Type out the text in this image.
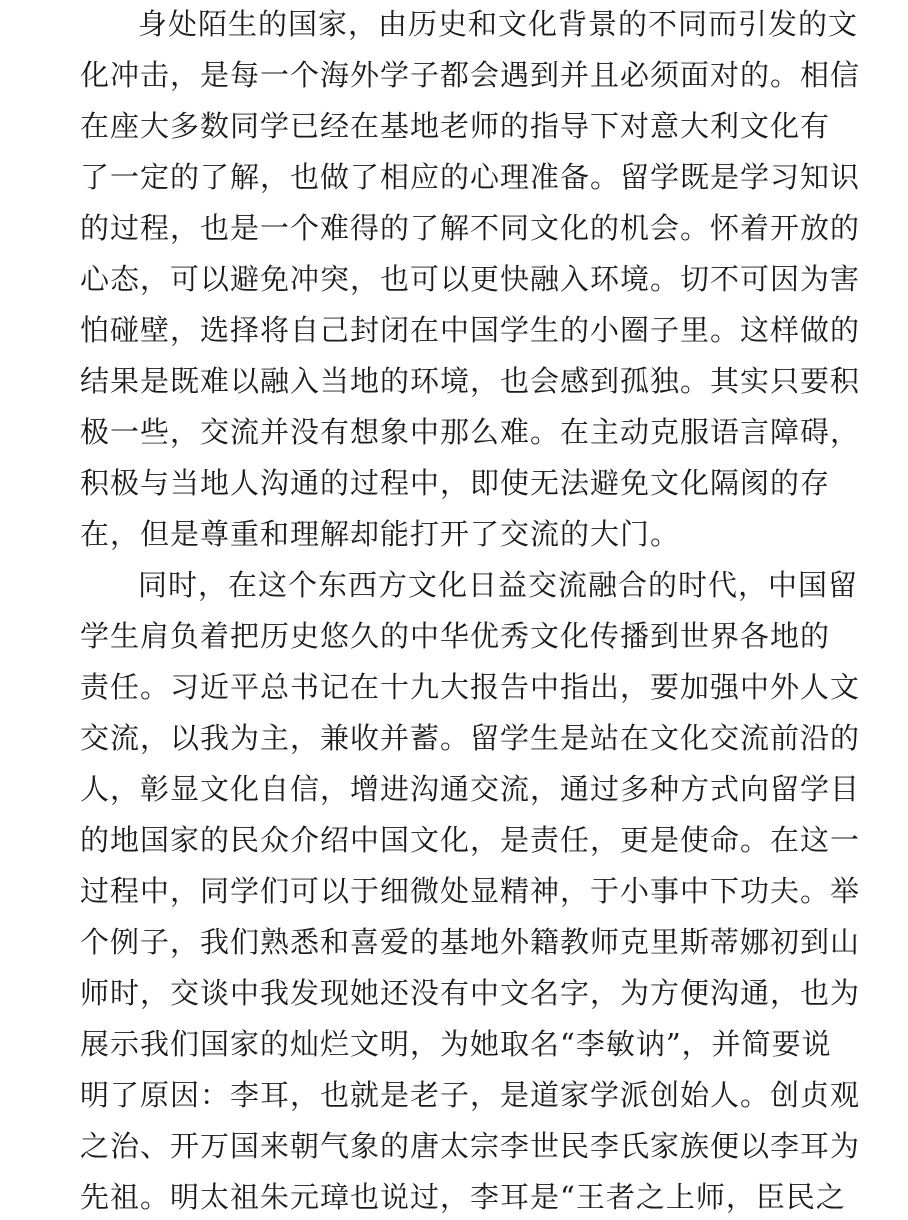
身处陌生的国家，由历史和文化背景的不同而引发的文
化冲击，是每一个海外学子都会遇到并且必须面对的。相信
在座大多数同学已经在基地老师的指导下对意大利文化有
了一定的了解，也做了相应的心理准备。留学既是学习知识
的过程，也是一个难得的了解不同文化的机会。怀着开放的
心态，可以避免冲突，也可以更快融入环境。切不可因为害
怕碰壁，选择将自己封闭在中国学生的小圈子里。这样做的
结果是既难以融入当地的环境，也会感到孤独。其实只要积
极一些，交流并没有想象中那么难。在主动克服语言障碍，
积极与当地人沟通的过程中，即使无法避免文化隔阂的存
在，但是尊重和理解却能打开了交流的大门。
同时，在这个东西方文化日益交流融合的时代，中国留
学生肩负着把历史悠久的中华优秀文化传播到世界各地的
责任。习近平总书记在十九大报告中指出，要加强中外人文
交流，以我为主，兼收并蓄。留学生是站在文化交流前沿的
人，彰显文化自信，增进沟通交流，通过多种方式向留学目
的地国家的民众介绍中国文化，是责任，更是使命。在这一
过程中，同学们可以于细微处显精神，于小事中下功夫。举
个例子，我们熟悉和喜爱的基地外籍教师克里斯蒂娜初到山
师时，交谈中我发现她还没有中文名字，为方便沟通，也为
展示我们国家的灿烂文明，为她取名“李敏讷”，并简要说
明了原因：李耳，也就是老子，是道家学派创始人。创贞观
之治、开万国来朝气象的唐太宗李世民李氏家族便以李耳为
先祖。明太祖朱元璋也说过，李耳是“王者之上师，臣民之
